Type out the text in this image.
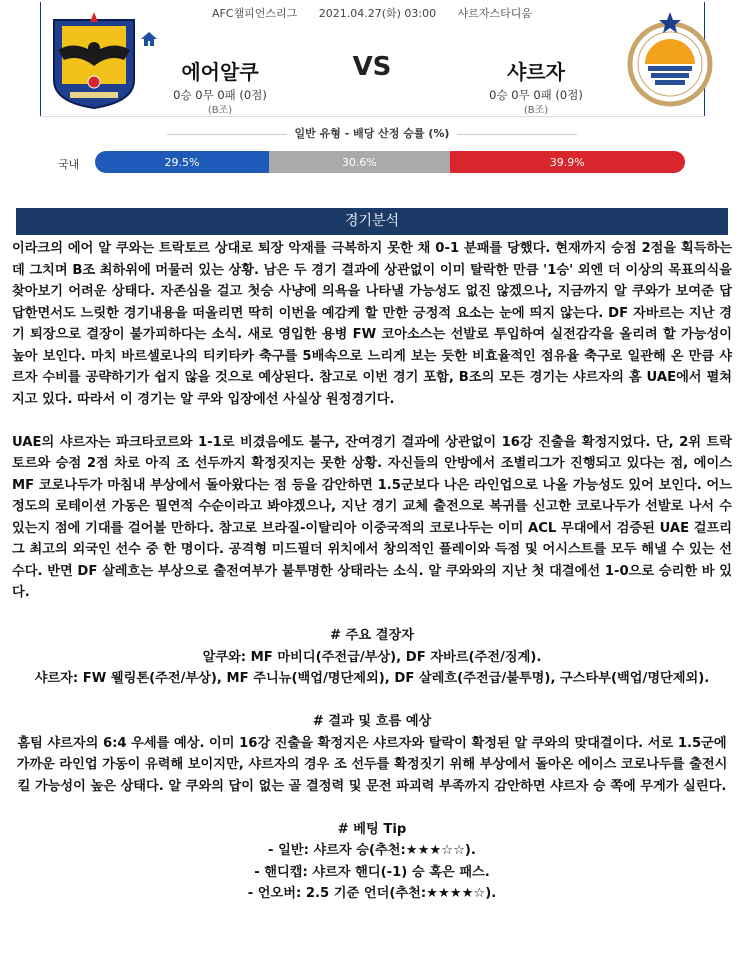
AFC챔피언스리그 2021.04.27(화) 03:00 샤르자스타디움
에어알쿠	VS	샤르자
0승 0무 0패 (0점)	0승 0무 0패 (0점)
(B조)	(B조)
일반 유형 - 배당 산정 승률 (%)
국내	29.5%	30.6%	39.9%
경기분석

이라크의 에어 알 쿠와는 트락토르 상대로 퇴장 악재를 극복하지 못한 채 0-1 분패를 당했다. 현재까지 승점 2점을 획득하는데 그치며 B조 최하위에 머물러 있는 상황. 남은 두 경기 결과에 상관없이 이미 탈락한 만큼 '1승' 외엔 더 이상의 목표의식을 찾아보기 어려운 상태다. 자존심을 걸고 첫승 사냥에 의욕을 나타낼 가능성도 없진 않겠으나, 지금까지 알 쿠와가 보여준 답답한면서도 느릿한 경기내용을 떠올리면 딱히 이번을 예감케 할 만한 긍정적 요소는 눈에 띄지 않는다. DF 자바르는 지난 경기 퇴장으로 결장이 불가피하다는 소식. 새로 영입한 용병 FW 코아소스는 선발로 투입하여 실전감각을 올리려 할 가능성이 높아 보인다. 마치 바르셀로나의 티키타카 축구를 5배속으로 느리게 보는 듯한 비효율적인 점유율 축구로 일관해 온 만큼 샤르자 수비를 공략하기가 쉽지 않을 것으로 예상된다. 참고로 이번 경기 포함, B조의 모든 경기는 샤르자의 홈 UAE에서 펼쳐지고 있다. 따라서 이 경기는 알 쿠와 입장에선 사실상 원정경기다.

UAE의 샤르자는 파크타코르와 1-1로 비겼음에도 불구, 잔여경기 결과에 상관없이 16강 진출을 확정지었다. 단, 2위 트락토르와 승점 2점 차로 아직 조 선두까지 확정짓지는 못한 상황. 자신들의 안방에서 조별리그가 진행되고 있다는 점, 에이스 MF 코로나두가 마침내 부상에서 돌아왔다는 점 등을 감안하면 1.5군보다 나은 라인업으로 나올 가능성도 있어 보인다. 어느 정도의 로테이션 가동은 필연적 수순이라고 봐야겠으나, 지난 경기 교체 출전으로 복귀를 신고한 코로나두가 선발로 나서 수 있는지 점에 기대를 걸어볼 만하다. 참고로 브라질-이탈리아 이중국적의 코로나두는 이미 ACL 무대에서 검증된 UAE 걸프리그 최고의 외국인 선수 중 한 명이다. 공격형 미드필더 위치에서 창의적인 플레이와 득점 및 어시스트를 모두 해낼 수 있는 선수다. 반면 DF 살레흐는 부상으로 출전여부가 불투명한 상태라는 소식. 알 쿠와와의 지난 첫 대결에선 1-0으로 승리한 바 있다.

# 주요 결장자

알쿠와: MF 마비디(주전급/부상), DF 자바르(주전/징계).

샤르자: FW 웰링톤(주전/부상), MF 주니뉴(백업/명단제외), DF 살레흐(주전급/불투명), 구스타부(백업/명단제외).

# 결과 및 흐름 예상

홈팀 샤르자의 6:4 우세를 예상. 이미 16강 진출을 확정지은 샤르자와 탈락이 확정된 알 쿠와의 맞대결이다. 서로 1.5군에 가까운 라인업 가동이 유력해 보이지만, 샤르자의 경우 조 선두를 확정짓기 위해 부상에서 돌아온 에이스 코로나두를 출전시킬 가능성이 높은 상태다. 알 쿠와의 답이 없는 골 결정력 및 문전 파괴력 부족까지 감안하면 샤르자 승 쪽에 무게가 실린다.

# 베팅 Tip

- 일반: 샤르자 승(추천:★★★☆☆).

- 핸디캡: 샤르자 핸디(-1) 승 혹은 패스.

- 언오버: 2.5 기준 언더(추천:★★★★☆).
